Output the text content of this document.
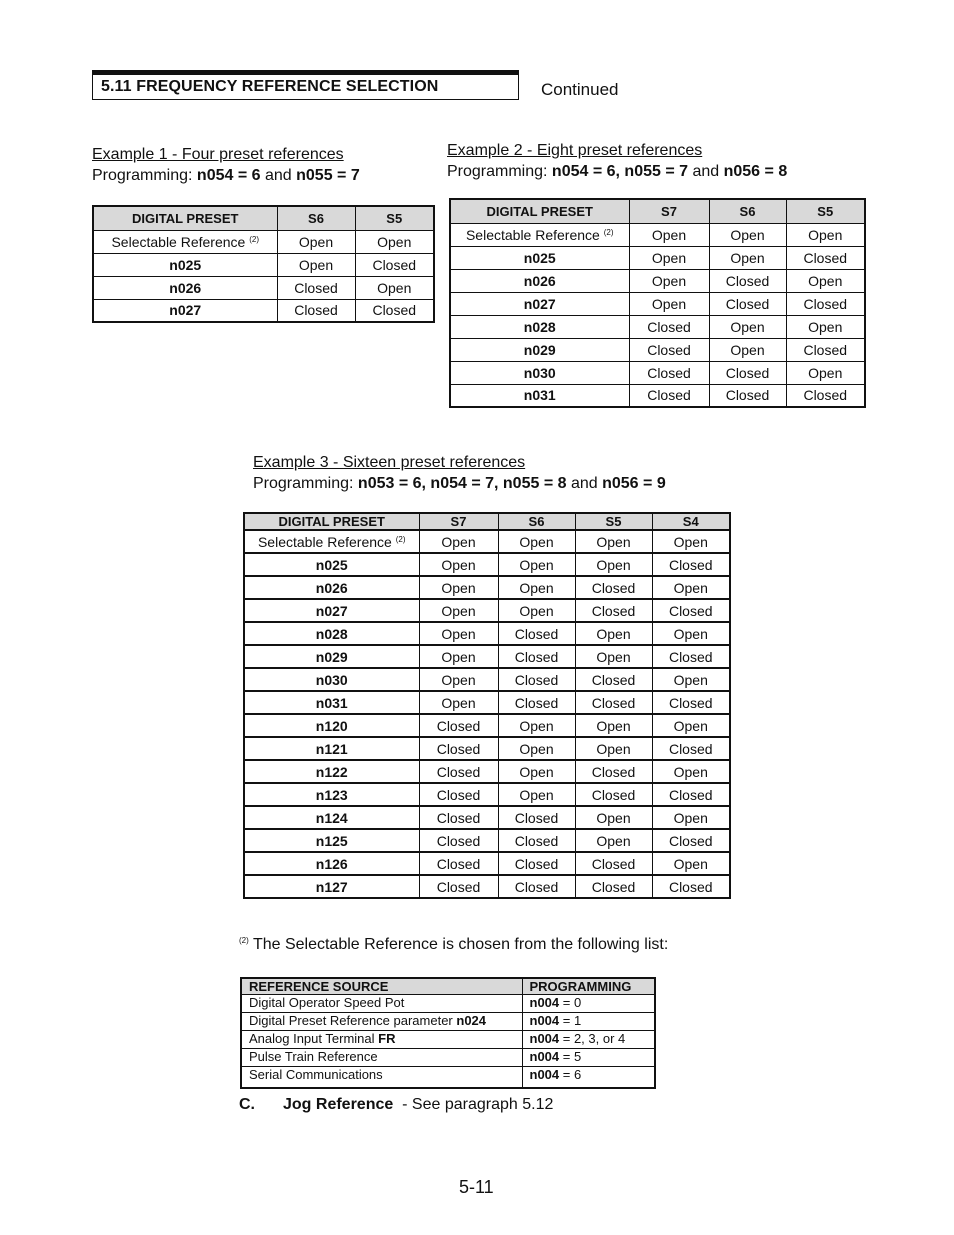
5.11 FREQUENCY REFERENCE SELECTION	Continued
Example 1 - Four preset references
Programming: n054 = 6 and n055 = 7
DIGITAL PRESET	S6	S5
Selectable Reference $^{(2)}$	Open	Open
n025	Open	Closed
n026	Closed	Open
n027	Closed	Closed
Example 2 - Eight preset references
Programming: n054 = 6, n055 = 7 and n056 = 8
DIGITAL PRESET	S7	S6	S5
Selectable Reference $^{(2)}$	Open	Open	Open
n025	Open	Open	Closed
n026	Open	Closed	Open
n027	Open	Closed	Closed
n028	Closed	Open	Open
n029	Closed	Open	Closed
n030	Closed	Closed	Open
n031	Closed	Closed	Closed
Example 3 - Sixteen preset references
Programming: n053 = 6, n054 = 7, n055 = 8 and n056 = 9
DIGITAL PRESET	S7	S6	S5	S4
Selectable Reference $^{(2)}$	Open	Open	Open	Open
n025	Open	Open	Open	Closed
n026	Open	Open	Closed	Open
n027	Open	Open	Closed	Closed
n028	Open	Closed	Open	Open
n029	Open	Closed	Open	Closed
n030	Open	Closed	Closed	Open
n031	Open	Closed	Closed	Closed
n120	Closed	Open	Open	Open
n121	Closed	Open	Open	Closed
n122	Closed	Open	Closed	Open
n123	Closed	Open	Closed	Closed
n124	Closed	Closed	Open	Open
n125	Closed	Closed	Open	Closed
n126	Closed	Closed	Closed	Open
n127	Closed	Closed	Closed	Closed
$^{(2)}$ The Selectable Reference is chosen from the following list:
REFERENCE SOURCE	PROGRAMMING
Digital Operator Speed Pot	n004 = 0
Digital Preset Reference parameter n024	n004 = 1
Analog Input Terminal FR	n004 = 2, 3, or 4
Pulse Train Reference	n004 = 5
Serial Communications	n004 = 6
C. Jog Reference  - See paragraph 5.12
5-11
